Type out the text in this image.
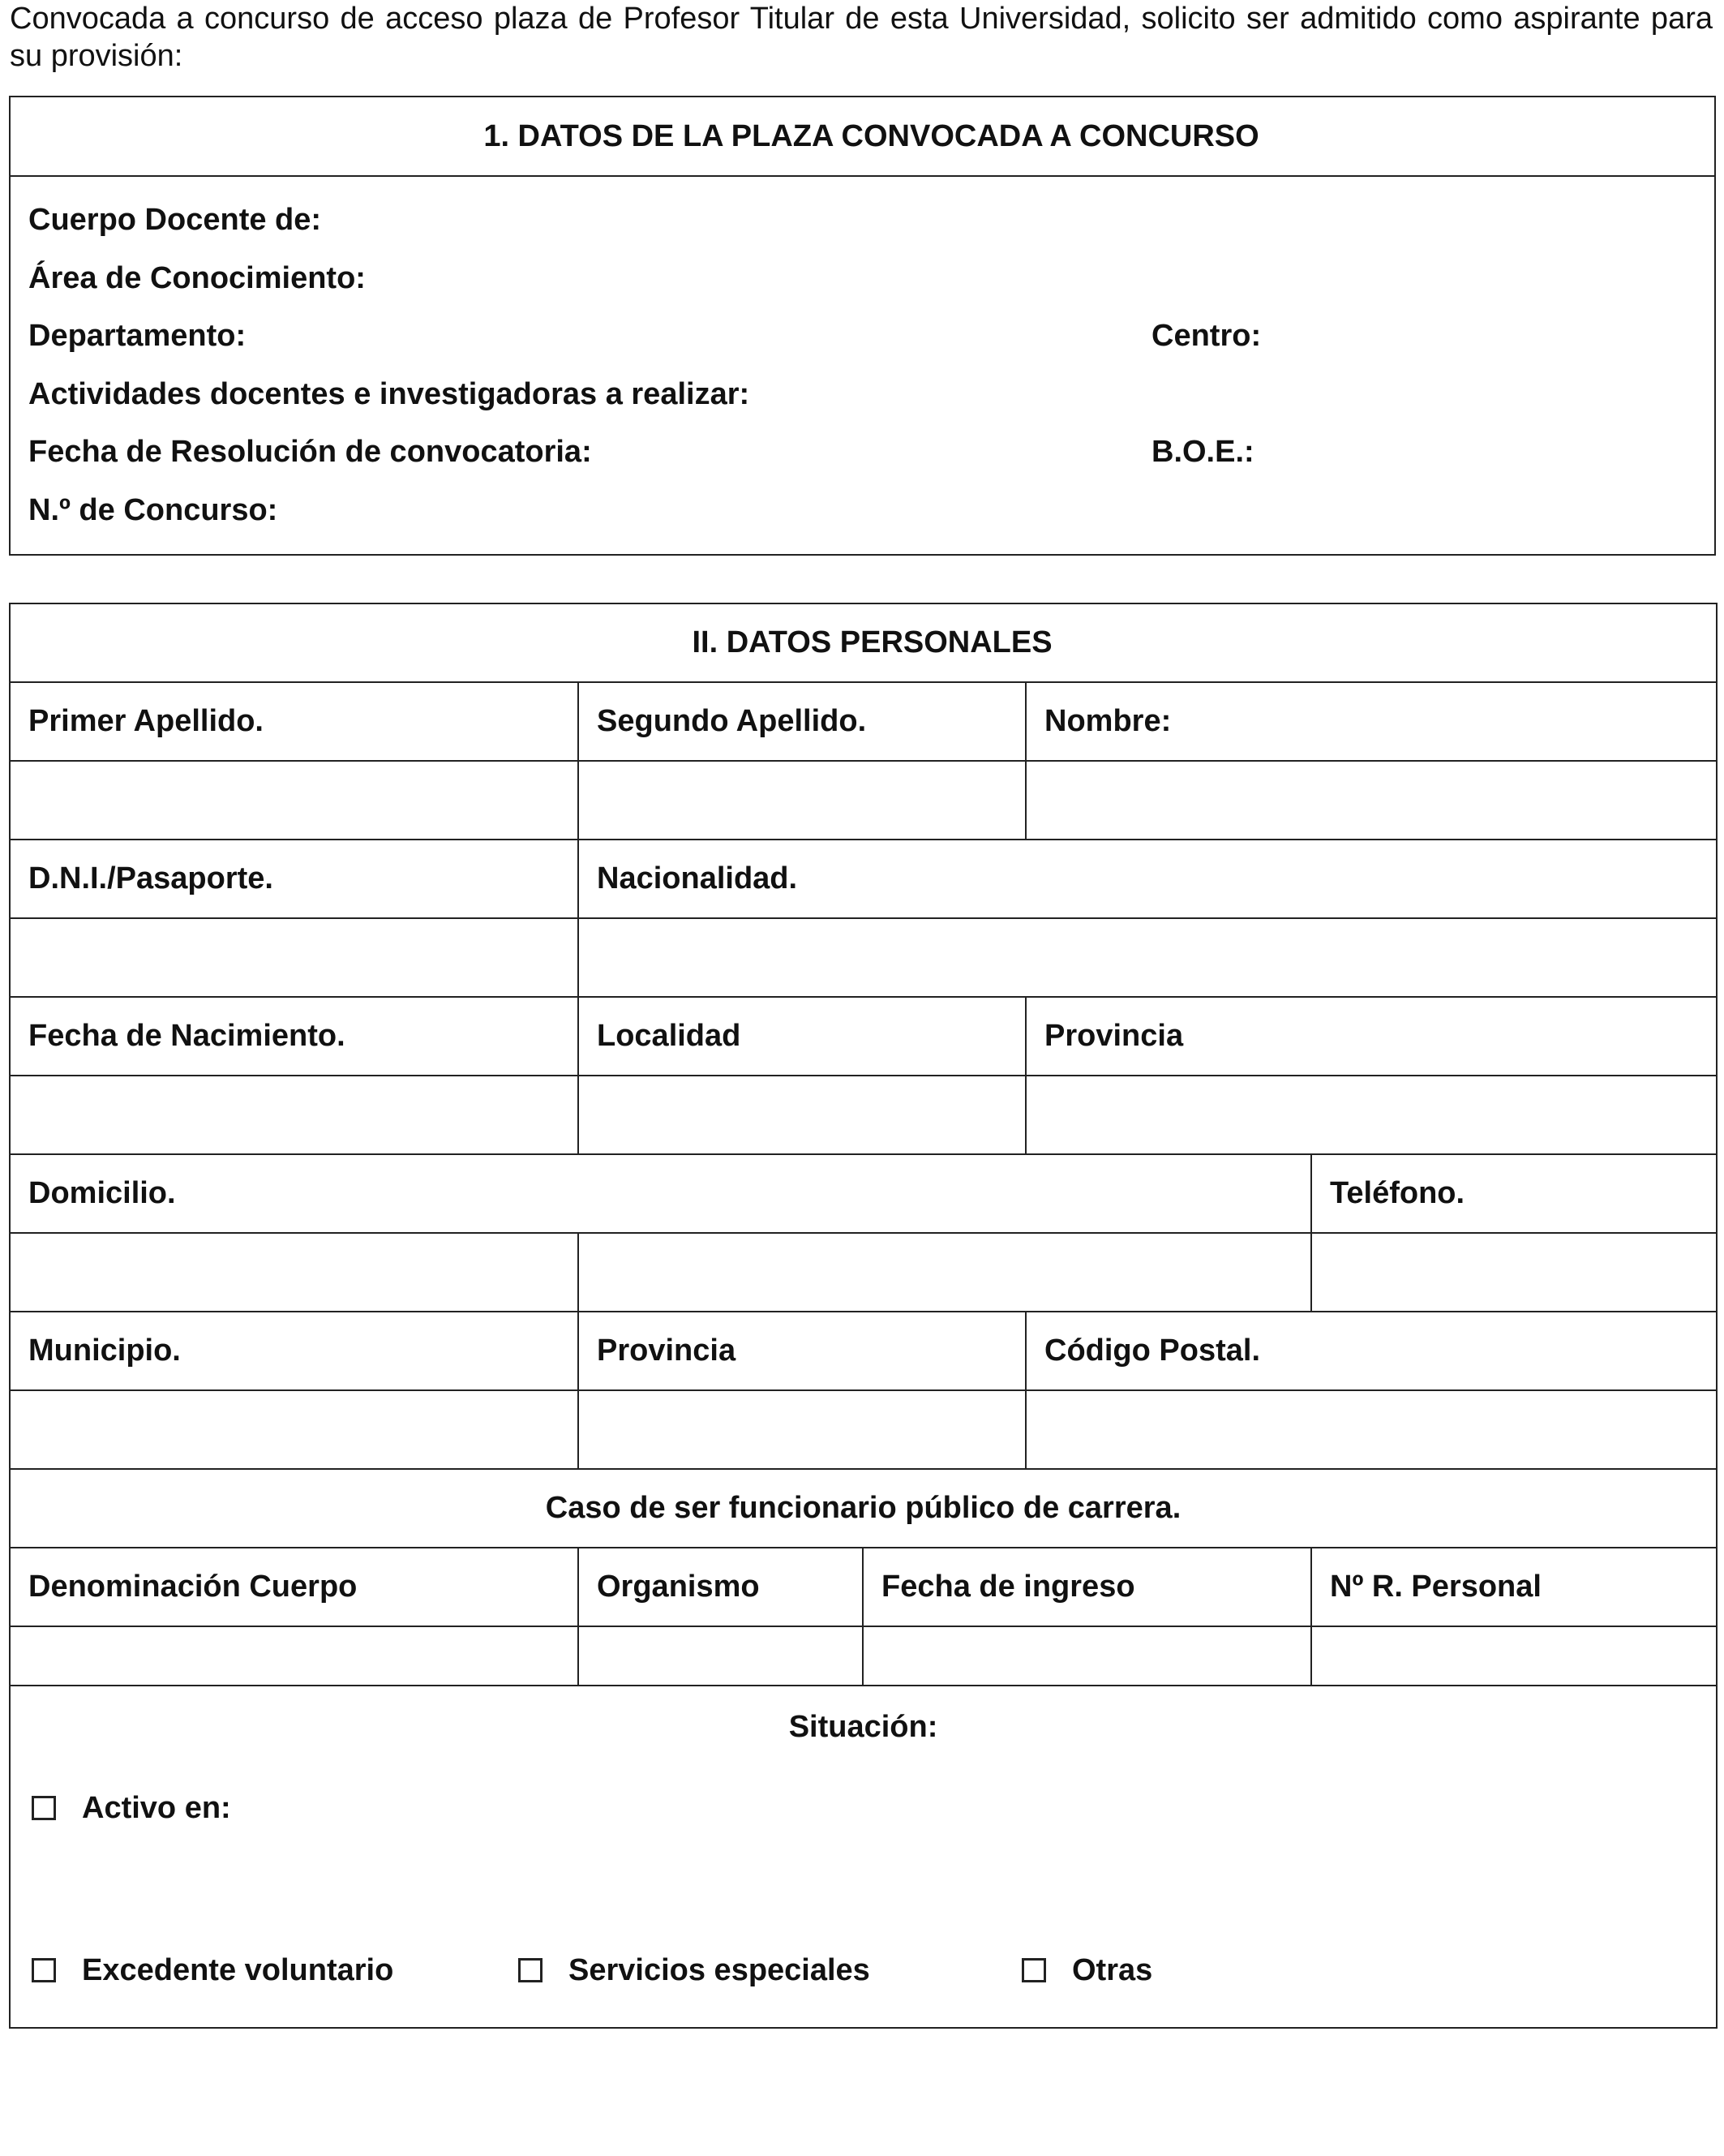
Convocada a concurso de acceso plaza de Profesor Titular de esta Universidad, solicito ser admitido como aspirante para su provisión:
1. DATOS DE LA PLAZA CONVOCADA A CONCURSO

Cuerpo Docente de:
Área de Conocimiento:
Departamento:	Centro:
Actividades docentes e investigadoras a realizar:
Fecha de Resolución de convocatoria:	B.O.E.:
N.º de Concurso:
II. DATOS PERSONALES				
Primer Apellido.	Segundo Apellido.		Nombre:	

D.N.I./Pasaporte.	Nacionalidad.			

Fecha de Nacimiento.	Localidad		Provincia	

Domicilio.				Teléfono.

Municipio.	Provincia		Código Postal.	

Caso de ser funcionario público de carrera.				
Denominación Cuerpo	Organismo	Fecha de ingreso		Nº R. Personal

Situación:
Activo en:
Excedente voluntario Servicios especiales Otras				
